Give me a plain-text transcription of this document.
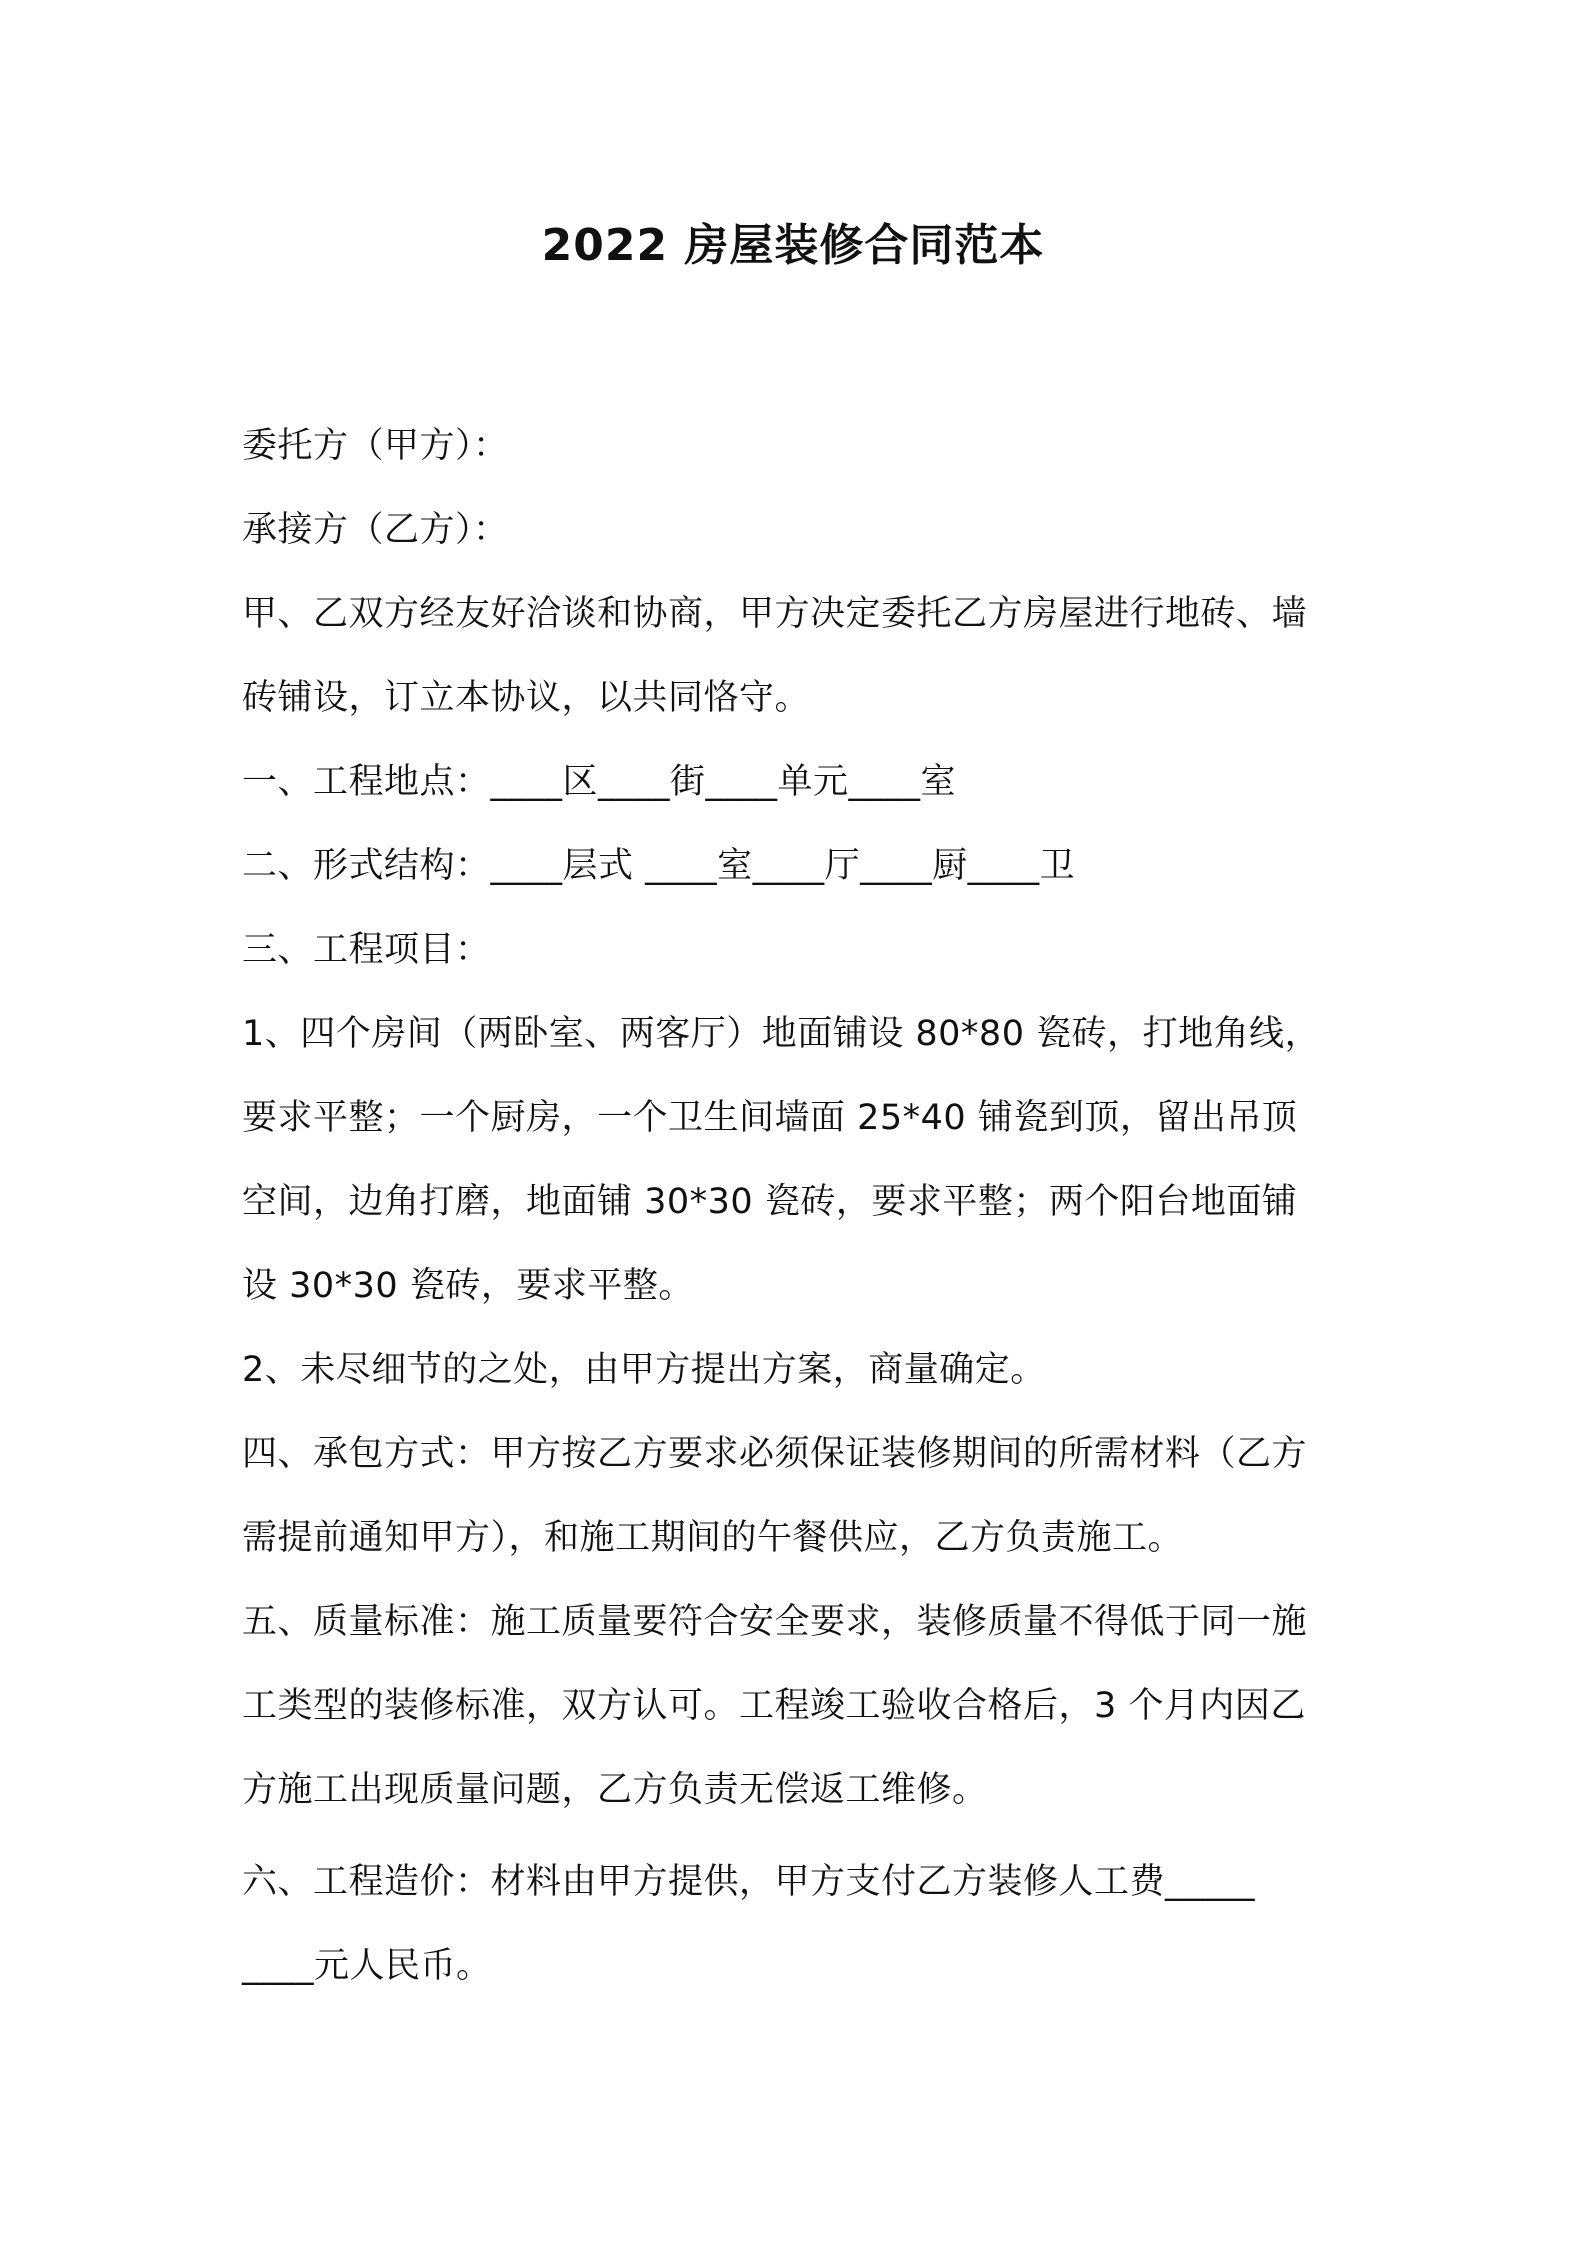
2022 房屋装修合同范本

委托方（甲方）：

承接方（乙方）：

甲、乙双方经友好洽谈和协商，甲方决定委托乙方房屋进行地砖、墙

砖铺设，订立本协议，以共同恪守。

一、工程地点：____区____街____单元____室

二、形式结构：____层式 ____室____厅____厨____卫

三、工程项目：

1、四个房间（两卧室、两客厅）地面铺设 80*80 瓷砖，打地角线，

要求平整；一个厨房，一个卫生间墙面 25*40 铺瓷到顶，留出吊顶

空间，边角打磨，地面铺 30*30 瓷砖，要求平整；两个阳台地面铺

设 30*30 瓷砖，要求平整。

2、未尽细节的之处，由甲方提出方案，商量确定。

四、承包方式：甲方按乙方要求必须保证装修期间的所需材料（乙方

需提前通知甲方），和施工期间的午餐供应，乙方负责施工。

五、质量标准：施工质量要符合安全要求，装修质量不得低于同一施

工类型的装修标准，双方认可。工程竣工验收合格后，3 个月内因乙

方施工出现质量问题，乙方负责无偿返工维修。

六、工程造价：材料由甲方提供，甲方支付乙方装修人工费_____

____元人民币。
